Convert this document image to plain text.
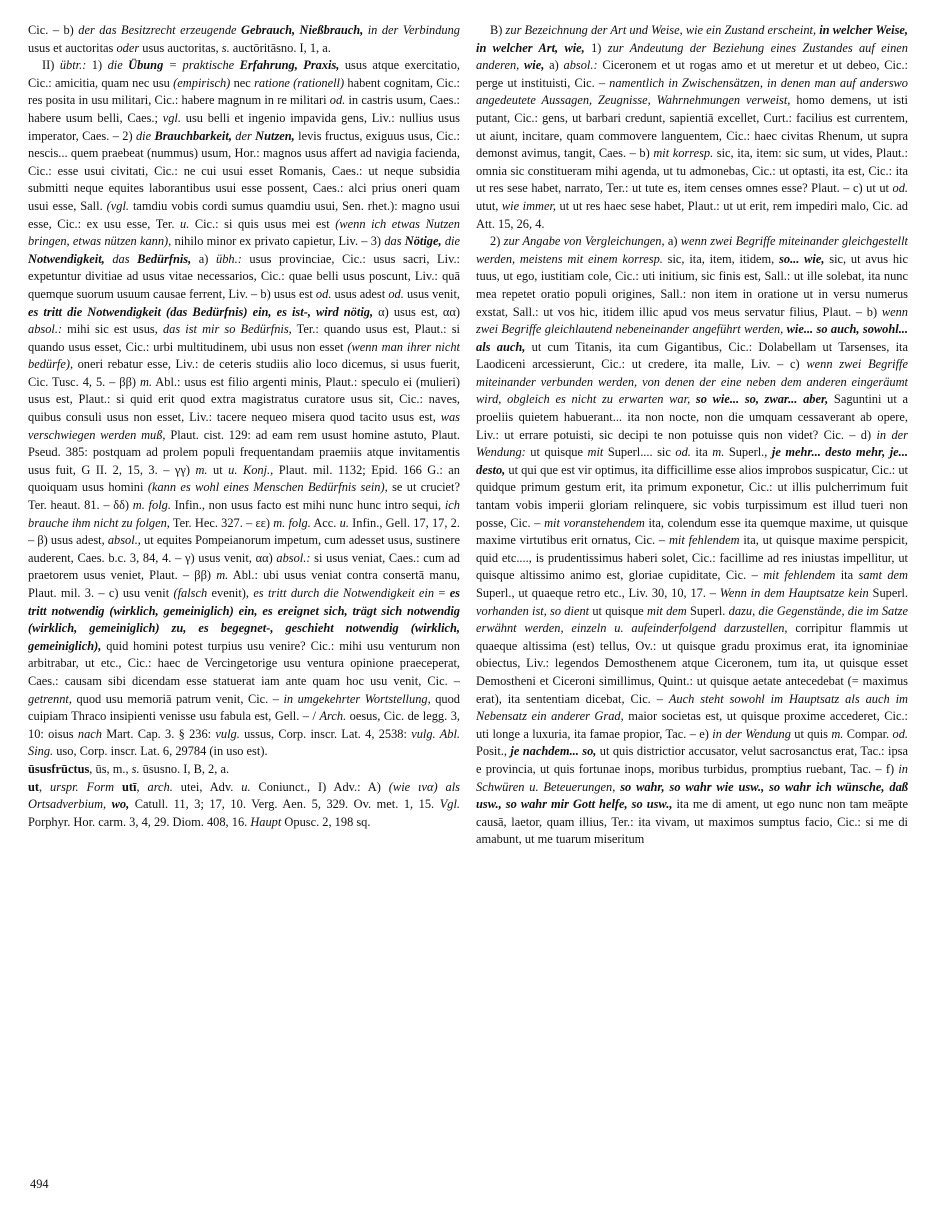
Cic. – b) der das Besitzrecht erzeugende Gebrauch, Nießbrauch, in der Verbindung usus et auctoritas oder usus auctoritas, s. auctōritāsno. I, 1, a.

II) übtr.: 1) die Übung = praktische Erfahrung, Praxis, usus atque exercitatio, Cic.: amicitia, quam nec usu (empirisch) nec ratione (rationell) habent cognitam, Cic.: res posita in usu militari, Cic.: habere magnum in re militari od. in castris usum, Caes.: habere usum belli, Caes.; vgl. usu belli et ingenio impavida gens, Liv.: nullius usus imperator, Caes. – 2) die Brauchbarkeit, der Nutzen, levis fructus, exiguus usus, Cic.: nescis... quem praebeat (nummus) usum, Hor.: magnos usus affert ad navigia facienda, Cic.: esse usui civitati, Cic.: ne cui usui esset Romanis, Caes.: ut neque subsidia submitti neque equites laborantibus usui esse possent, Caes.: alci prius oneri quam usui esse, Sall. (vgl. tamdiu vobis cordi sumus quamdiu usui, Sen. rhet.): magno usui esse, Cic.: ex usu esse, Ter. u. Cic.: si quis usus mei est (wenn ich etwas Nutzen bringen, etwas nützen kann), nihilo minor ex privato capietur, Liv. – 3) das Nötige, die Notwendigkeit, das Bedürfnis, a) übh.: usus provinciae, Cic.: usus sacri, Liv.: expetuntur divitiae ad usus vitae necessarios, Cic.: quae belli usus poscunt, Liv.: quā quemque suorum usuum causae ferrent, Liv. – b) usus est od. usus adest od. usus venit, es tritt die Notwendigkeit (das Bedürfnis) ein, es ist-, wird nötig, α) usus est, αα) absol.: mihi sic est usus, das ist mir so Bedürfnis, Ter.: quando usus est, Plaut.: si quando usus esset, Cic.: urbi multitudinem, ubi usus non esset (wenn man ihrer nicht bedürfe), oneri rebatur esse, Liv.: de ceteris studiis alio loco dicemus, si usus fuerit, Cic. Tusc. 4, 5. – ββ) m. Abl.: usus est filio argenti minis, Plaut.: speculo ei (mulieri) usus est, Plaut.: si quid erit quod extra magistratus curatore usus sit, Cic.: naves, quibus consuli usus non esset, Liv.: tacere nequeo misera quod tacito usus est, was verschwiegen werden muß, Plaut. cist. 129: ad eam rem usust homine astuto, Plaut. Pseud. 385: postquam ad prolem populi frequentandam praemiis atque invitamentis usus fuit, G II. 2, 15, 3. – γγ) m. ut u. Konj., Plaut. mil. 1132; Epid. 166 G.: an quoiquam usus homini (kann es wohl eines Menschen Bedürfnis sein), se ut cruciet? Ter. heaut. 81. – δδ) m. folg. Infin., non usus facto est mihi nunc hunc intro sequi, ich brauche ihm nicht zu folgen, Ter. Hec. 327. – εε) m. folg. Acc. u. Infin., Gell. 17, 17, 2. – β) usus adest, absol., ut equites Pompeianorum impetum, cum adesset usus, sustinere auderent, Caes. b.c. 3, 84, 4. – γ) usus venit, αα) absol.: si usus veniat, Caes.: cum ad praetorem usus veniet, Plaut. – ββ) m. Abl.: ubi usus veniat contra consertā manu, Plaut. mil. 3. – c) usu venit (falsch evenit), es tritt durch die Notwendigkeit ein = es tritt notwendig (wirklich, gemeiniglich) ein, es ereignet sich, trägt sich notwendig (wirklich, gemeiniglich) zu, es begegnet-, geschieht notwendig (wirklich, gemeiniglich), quid homini potest turpius usu venire? Cic.: mihi usu venturum non arbitrabar, ut etc., Cic.: haec de Vercingetorige usu ventura opinione praeceperat, Caes.: causam sibi dicendam esse statuerat iam ante quam hoc usu venit, Cic. – getrennt, quod usu memoriā patrum venit, Cic. – in umgekehrter Wortstellung, quod cuipiam Thraco insipienti venisse usu fabula est, Gell. – / Arch. oesus, Cic. de legg. 3, 10: oisus nach Mart. Cap. 3. § 236: vulg. ussus, Corp. inscr. Lat. 4, 2538: vulg. Abl. Sing. uso, Corp. inscr. Lat. 6, 29784 (in uso est).

ūsusfrūctus, ūs, m., s. ūsusno. I, B, 2, a.

ut, urspr. Form utī, arch. utei, Adv. u. Coniunct., I) Adv.: A) (wie ινα) als Ortsadverbium, wo, Catull. 11, 3; 17, 10. Verg. Aen. 5, 329. Ov. met. 1, 15. Vgl. Porphyr. Hor. carm. 3, 4, 29. Diom. 408, 16. Haupt Opusc. 2, 198 sq.

B) zur Bezeichnung der Art und Weise, wie ein Zustand erscheint, in welcher Weise, in welcher Art, wie, 1) zur Andeutung der Beziehung eines Zustandes auf einen anderen, wie, a) absol.: Ciceronem et ut rogas amo et ut meretur et ut debeo, Cic.: perge ut instituisti, Cic. – namentlich in Zwischensätzen, in denen man auf anderswo angedeutete Aussagen, Zeugnisse, Wahrnehmungen verweist, homo demens, ut isti putant, Cic.: gens, ut barbari credunt, sapientiā excellet, Curt.: facilius est currentem, ut aiunt, incitare, quam commovere languentem, Cic.: haec civitas Rhenum, ut supra demonst avimus, tangit, Caes. – b) mit korresp. sic, ita, item: sic sum, ut vides, Plaut.: omnia sic constitueram mihi agenda, ut tu admonebas, Cic.: ut optasti, ita est, Cic.: ita ut res sese habet, narrato, Ter.: ut tute es, item censes omnes esse? Plaut. – c) ut ut od. utut, wie immer, ut ut res haec sese habet, Plaut.: ut ut erit, rem impediri malo, Cic. ad Att. 15, 26, 4.

2) zur Angabe von Vergleichungen, a) wenn zwei Begriffe miteinander gleichgestellt werden, meistens mit einem korresp. sic, ita, item, itidem, so... wie, sic, ut avus hic tuus, ut ego, iustitiam cole, Cic.: uti initium, sic finis est, Sall.: ut ille solebat, ita nunc mea repetet oratio populi origines, Sall.: non item in oratione ut in versu numerus exstat, Sall.: ut vos hic, itidem illic apud vos meus servatur filius, Plaut. – b) wenn zwei Begriffe gleichlautend nebeneinander angeführt werden, wie... so auch, sowohl... als auch, ut cum Titanis, ita cum Gigantibus, Cic.: Dolabellam ut Tarsenses, ita Laodiceni arcessierunt, Cic.: ut credere, ita malle, Liv. – c) wenn zwei Begriffe miteinander verbunden werden, von denen der eine neben dem anderen eingeräumt wird, obgleich es nicht zu erwarten war, so wie... so, zwar... aber, Saguntini ut a proeliis quietem habuerant... ita non nocte, non die umquam cessaverant ab opere, Liv.: ut errare potuisti, sic decipi te non potuisse quis non videt? Cic. – d) in der Wendung: ut quisque mit Superl.... sic od. ita m. Superl., je mehr... desto mehr, je... desto, ut qui que est vir optimus, ita difficillime esse alios improbos suspicatur, Cic.: ut quidque primum gestum erit, ita primum exponetur, Cic.: ut illis pulcherrimum fuit tantam vobis imperii gloriam relinquere, sic vobis turpissimum est illud tueri non posse, Cic. – mit voranstehendem ita, colendum esse ita quemque maxime, ut quisque maxime virtutibus erit ornatus, Cic. – mit fehlendem ita, ut quisque maxime perspicit, quid etc...., is prudentissimus haberi solet, Cic.: facillime ad res iniustas impellitur, ut quisque altissimo animo est, gloriae cupiditate, Cic. – mit fehlendem ita samt dem Superl., ut quaeque retro etc., Liv. 30, 10, 17. – Wenn in dem Hauptsatze kein Superl. vorhanden ist, so dient ut quisque mit dem Superl. dazu, die Gegenstände, die im Satze erwähnt werden, einzeln u. aufeinderfolgend darzustellen, corripitur flammis ut quaeque altissima (est) tellus, Ov.: ut quisque gradu proximus erat, ita ignominiae obiectus, Liv.: legendos Demosthenem atque Ciceronem, tum ita, ut quisque esset Demostheni et Ciceroni simillimus, Quint.: ut quisque aetate antecedebat (= maximus erat), ita sententiam dicebat, Cic. – Auch steht sowohl im Hauptsatz als auch im Nebensatz ein anderer Grad, maior societas est, ut quisque proxime accederet, Cic.: uti longe a luxuria, ita famae propior, Tac. – e) in der Wendung ut quis m. Compar. od. Posit., je nachdem... so, ut quis districtior accusator, velut sacrosanctus erat, Tac.: ipsa e provincia, ut quis fortunae inops, moribus turbidus, promptius ruebant, Tac. – f) in Schwüren u. Beteuerungen, so wahr, so wahr wie usw., so wahr ich wünsche, daß usw., so wahr mir Gott helfe, so usw., ita me di ament, ut ego nunc non tam meāpte causā, laetor, quam illius, Ter.: ita vivam, ut maximos sumptus facio, Cic.: si me di amabunt, ut me tuarum miseritum

494
